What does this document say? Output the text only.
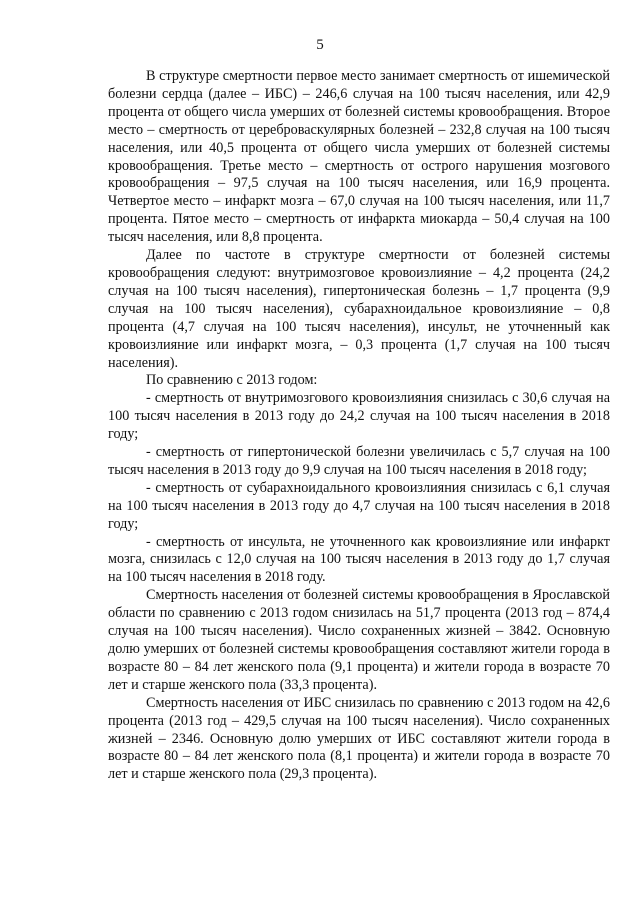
5

В структуре смертности первое место занимает смертность от ишемической болезни сердца (далее – ИБС) – 246,6 случая на 100 тысяч населения, или 42,9 процента от общего числа умерших от болезней системы кровообращения. Второе место – смертность от цереброваскулярных болезней – 232,8 случая на 100 тысяч населения, или 40,5 процента от общего числа умерших от болезней системы кровообращения. Третье место – смертность от острого нарушения мозгового кровообращения – 97,5 случая на 100 тысяч населения, или 16,9 процента. Четвертое место – инфаркт мозга – 67,0 случая на 100 тысяч населения, или 11,7 процента. Пятое место – смертность от инфаркта миокарда – 50,4 случая на 100 тысяч населения, или 8,8 процента.

Далее по частоте в структуре смертности от болезней системы кровообращения следуют: внутримозговое кровоизлияние – 4,2 процента (24,2 случая на 100 тысяч населения), гипертоническая болезнь – 1,7 процента (9,9 случая на 100 тысяч населения), субарахноидальное кровоизлияние – 0,8 процента (4,7 случая на 100 тысяч населения), инсульт, не уточненный как кровоизлияние или инфаркт мозга, – 0,3 процента (1,7 случая на 100 тысяч населения).

По сравнению с 2013 годом:

- смертность от внутримозгового кровоизлияния снизилась с 30,6 случая на 100 тысяч населения в 2013 году до 24,2 случая на 100 тысяч населения в 2018 году;

- смертность от гипертонической болезни увеличилась с 5,7 случая на 100 тысяч населения в 2013 году до 9,9 случая на 100 тысяч населения в 2018 году;

- смертность от субарахноидального кровоизлияния снизилась с 6,1 случая на 100 тысяч населения в 2013 году до 4,7 случая на 100 тысяч населения в 2018 году;

- смертность от инсульта, не уточненного как кровоизлияние или инфаркт мозга, снизилась с 12,0 случая на 100 тысяч населения в 2013 году до 1,7 случая на 100 тысяч населения в 2018 году.

Смертность населения от болезней системы кровообращения в Ярославской области по сравнению с 2013 годом снизилась на 51,7 процента (2013 год – 874,4 случая на 100 тысяч населения). Число сохраненных жизней – 3842. Основную долю умерших от болезней системы кровообращения составляют жители города в возрасте 80 – 84 лет женского пола (9,1 процента) и жители города в возрасте 70 лет и старше женского пола (33,3 процента).

Смертность населения от ИБС снизилась по сравнению с 2013 годом на 42,6 процента (2013 год – 429,5 случая на 100 тысяч населения). Число сохраненных жизней – 2346. Основную долю умерших от ИБС составляют жители города в возрасте 80 – 84 лет женского пола (8,1 процента) и жители города в возрасте 70 лет и старше женского пола (29,3 процента).
